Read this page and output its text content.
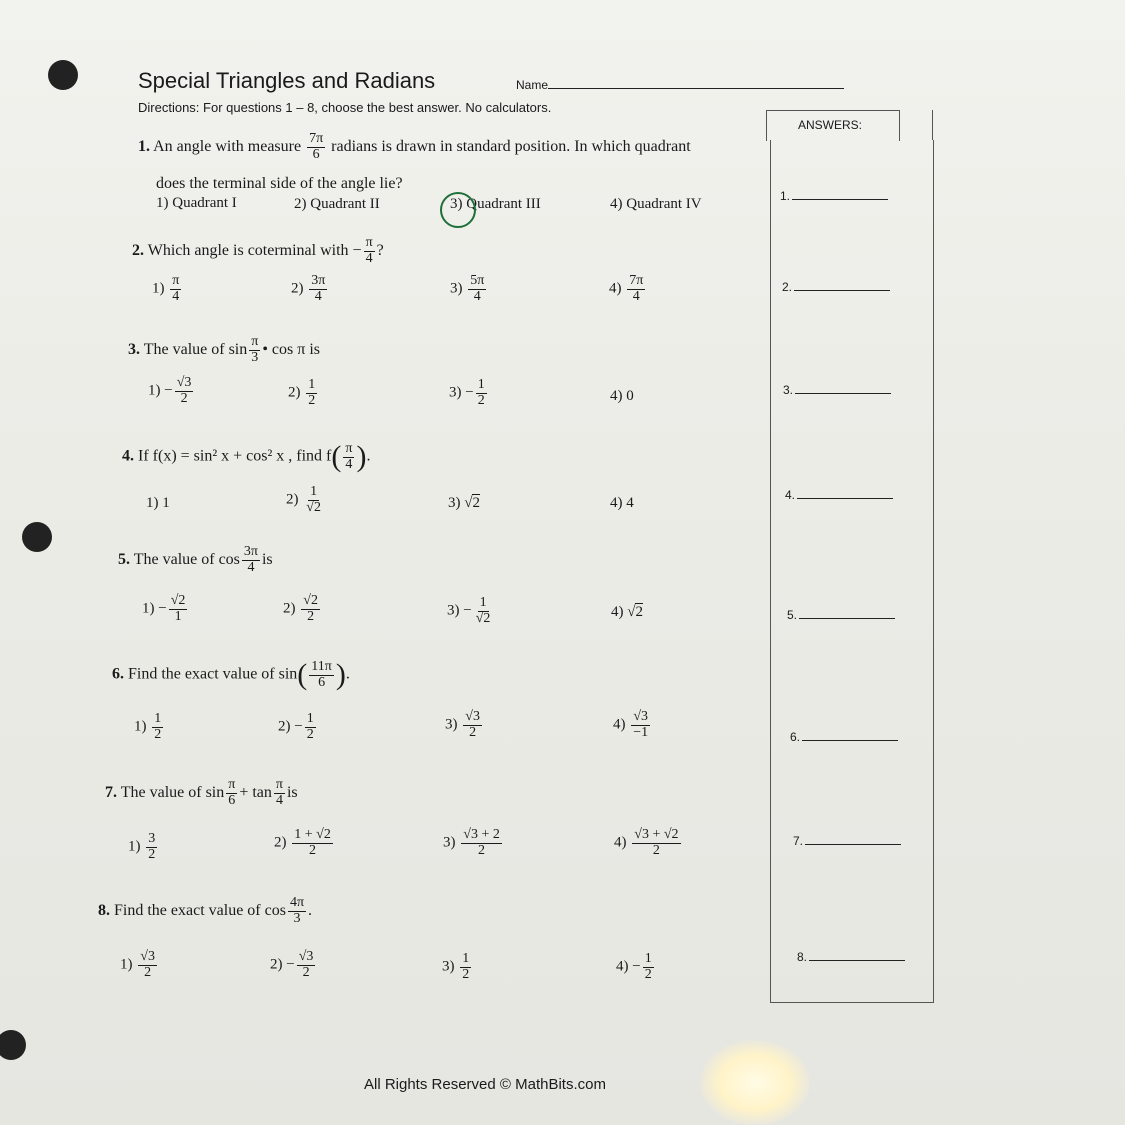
Special Triangles and Radians	Name
Directions: For questions 1 – 8, choose the best answer. No calculators.
ANSWERS:
1.
2.
3.
4.
5.
6.
7.
8.
1. An angle with measure $\frac{7\pi}{6}$ radians is drawn in standard position. In which quadrant
does the terminal side of the angle lie?
1) Quadrant I	2) Quadrant II	3) Quadrant III	4) Quadrant IV
2. Which angle is coterminal with − $\frac{\pi}{4}$ ?
$1) \frac{\pi}{4}$	$2) \frac{3\pi}{4}$	$3) \frac{5\pi}{4}$	$4) \frac{7\pi}{4}$
3. The value of $\sin \frac{\pi}{3}$ • cos π is
$1) - \frac{√3}{2}$	$2) \frac{1}{2}$	$3) - \frac{1}{2}$	4) 0
4. If f(x) = sin² x + cos² x , find $f( \frac{\pi}{4}$ ).
1) 1	$2) \frac{1}{√2}$	3) √2	4) 4
5. The value of $\cos \frac{3\pi}{4}$ is
$1) - \frac{√2}{1}$	$2) \frac{√2}{2}$	$3) - \frac{1}{√2}$	4) √2
6. Find the exact value of $\sin( \frac{11\pi}{6}$ ).
$1) \frac{1}{2}$	$2) - \frac{1}{2}$	$3) \frac{√3}{2}$	$4) \frac{√3}{-1}$
7. The value of $\sin \frac{\pi}{6} + \tan \frac{\pi}{4}$ is
$1) \frac{3}{2}$	$2) \frac{1 + √2}{2}$	$3) \frac{√3 + 2}{2}$	$4) \frac{√3 + √2}{2}$
8. Find the exact value of $\cos \frac{4\pi}{3}$ .
$1) \frac{√3}{2}$	$2) - \frac{√3}{2}$	$3) \frac{1}{2}$	$4) - \frac{1}{2}$
All Rights Reserved © MathBits.com
